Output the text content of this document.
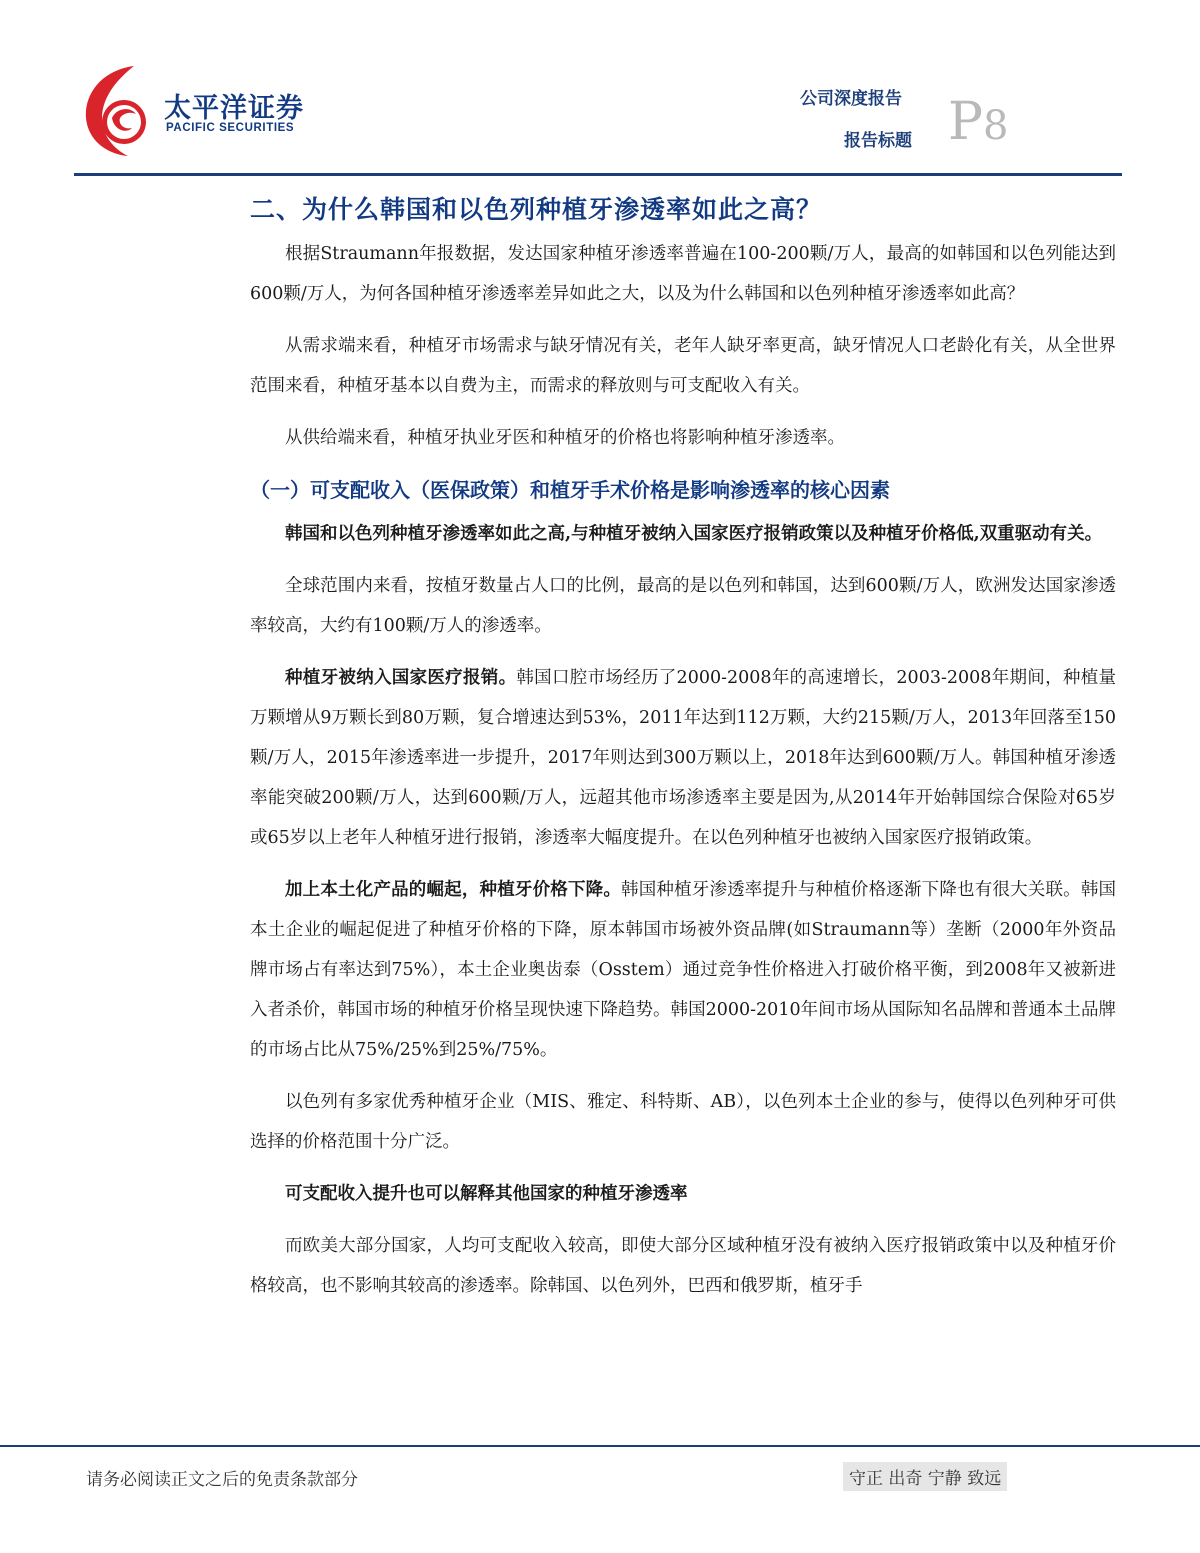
太平洋证券
PACIFIC SECURITIES
公司深度报告
报告标题 P8
二、为什么韩国和以色列种植牙渗透率如此之高？

根据Straumann年报数据，发达国家种植牙渗透率普遍在100-200颗/万人，最高的如韩国和以色列能达到600颗/万人，为何各国种植牙渗透率差异如此之大，以及为什么韩国和以色列种植牙渗透率如此高？

从需求端来看，种植牙市场需求与缺牙情况有关，老年人缺牙率更高，缺牙情况人口老龄化有关，从全世界范围来看，种植牙基本以自费为主，而需求的释放则与可支配收入有关。

从供给端来看，种植牙执业牙医和种植牙的价格也将影响种植牙渗透率。

（一）可支配收入（医保政策）和植牙手术价格是影响渗透率的核心因素

韩国和以色列种植牙渗透率如此之高,与种植牙被纳入国家医疗报销政策以及种植牙价格低,双重驱动有关。

全球范围内来看，按植牙数量占人口的比例，最高的是以色列和韩国，达到600颗/万人，欧洲发达国家渗透率较高，大约有100颗/万人的渗透率。

种植牙被纳入国家医疗报销。韩国口腔市场经历了2000-2008年的高速增长，2003-2008年期间，种植量万颗增从9万颗长到80万颗，复合增速达到53%，2011年达到112万颗，大约215颗/万人，2013年回落至150颗/万人，2015年渗透率进一步提升，2017年则达到300万颗以上，2018年达到600颗/万人。韩国种植牙渗透率能突破200颗/万人，达到600颗/万人，远超其他市场渗透率主要是因为,从2014年开始韩国综合保险对65岁或65岁以上老年人种植牙进行报销，渗透率大幅度提升。在以色列种植牙也被纳入国家医疗报销政策。

加上本土化产品的崛起，种植牙价格下降。韩国种植牙渗透率提升与种植价格逐渐下降也有很大关联。韩国本土企业的崛起促进了种植牙价格的下降，原本韩国市场被外资品牌(如Straumann等）垄断（2000年外资品牌市场占有率达到75%），本土企业奥齿泰（Osstem）通过竞争性价格进入打破价格平衡，到2008年又被新进入者杀价，韩国市场的种植牙价格呈现快速下降趋势。韩国2000-2010年间市场从国际知名品牌和普通本土品牌的市场占比从75%/25%到25%/75%。

以色列有多家优秀种植牙企业（MIS、雅定、科特斯、AB），以色列本土企业的参与，使得以色列种牙可供选择的价格范围十分广泛。

可支配收入提升也可以解释其他国家的种植牙渗透率

而欧美大部分国家，人均可支配收入较高，即使大部分区域种植牙没有被纳入医疗报销政策中以及种植牙价格较高，也不影响其较高的渗透率。除韩国、以色列外，巴西和俄罗斯，植牙手

请务必阅读正文之后的免责条款部分	守正 出奇 宁静 致远
